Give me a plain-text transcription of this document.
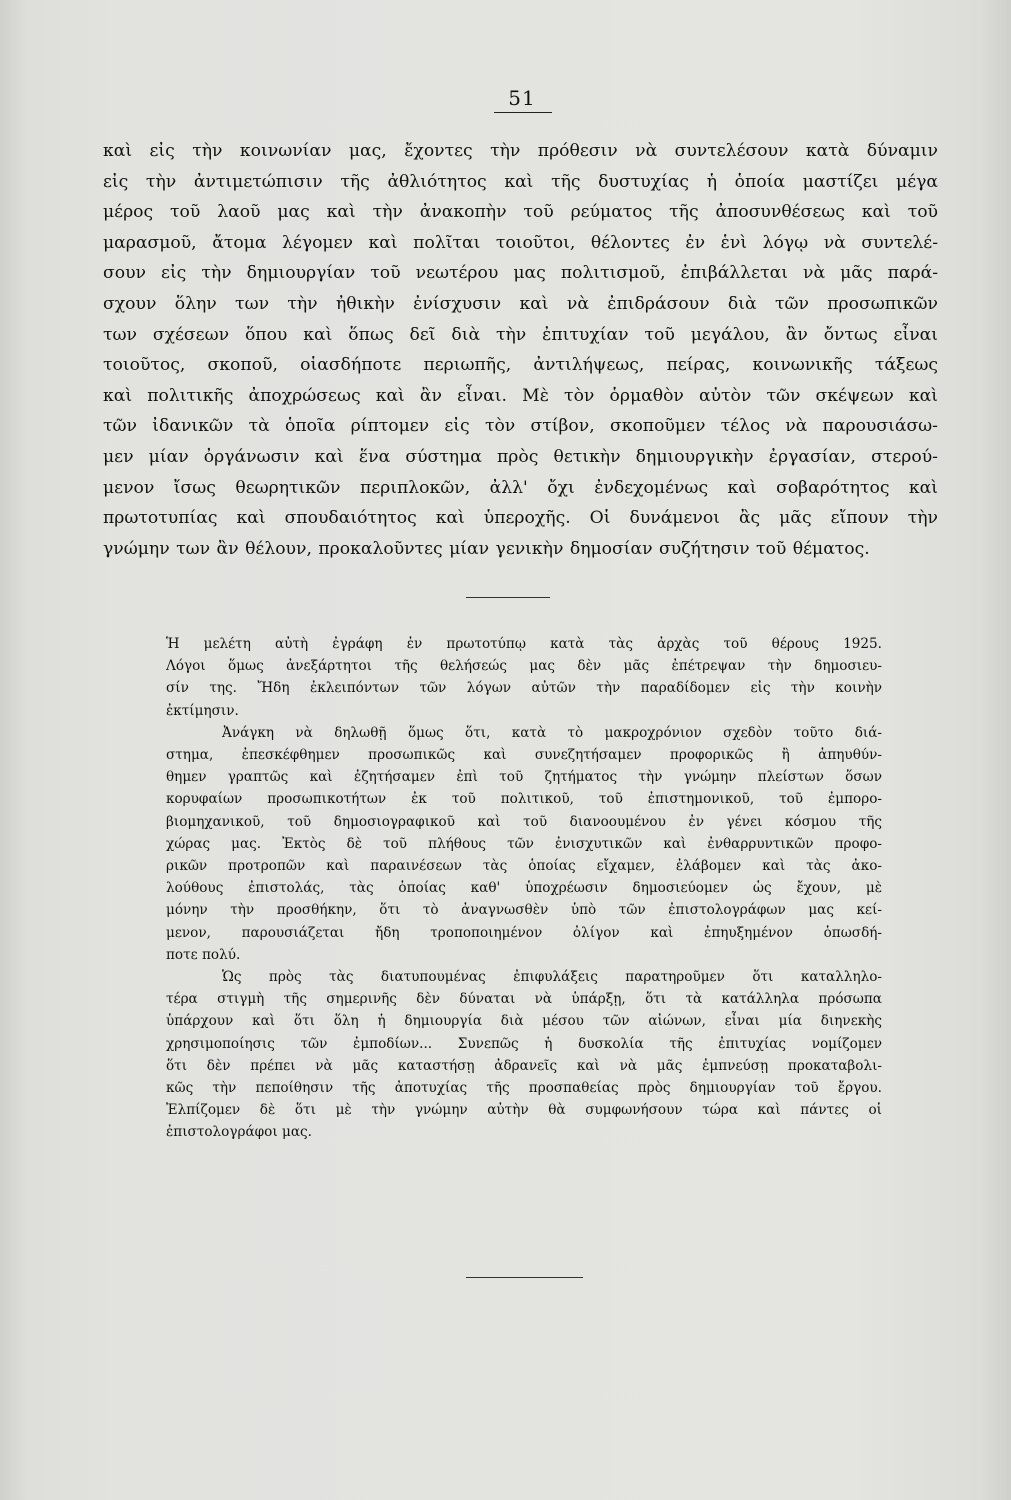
51
καὶ εἰς τὴν κοινωνίαν μας, ἔχοντες τὴν πρόθεσιν νὰ συντελέσουν κατὰ δύναμιν
εἰς τὴν ἀντιμετώπισιν τῆς ἀθλιότητος καὶ τῆς δυστυχίας ἡ ὁποία μαστίζει μέγα
μέρος τοῦ λαοῦ μας καὶ τὴν ἀνακοπὴν τοῦ ρεύματος τῆς ἀποσυνθέσεως καὶ τοῦ
μαρασμοῦ, ἄτομα λέγομεν καὶ πολῖται τοιοῦτοι, θέλοντες ἐν ἑνὶ λόγῳ νὰ συντελέ-
σουν εἰς τὴν δημιουργίαν τοῦ νεωτέρου μας πολιτισμοῦ, ἐπιβάλλεται νὰ μᾶς παρά-
σχουν ὅλην των τὴν ἠθικὴν ἐνίσχυσιν καὶ νὰ ἐπιδράσουν διὰ τῶν προσωπικῶν
των σχέσεων ὅπου καὶ ὅπως δεῖ διὰ τὴν ἐπιτυχίαν τοῦ μεγάλου, ἂν ὄντως εἶναι
τοιοῦτος, σκοποῦ, οἱασδήποτε περιωπῆς, ἀντιλήψεως, πείρας, κοινωνικῆς τάξεως
καὶ πολιτικῆς ἀποχρώσεως καὶ ἂν εἶναι. Μὲ τὸν ὁρμαθὸν αὐτὸν τῶν σκέψεων καὶ
τῶν ἰδανικῶν τὰ ὁποῖα ρίπτομεν εἰς τὸν στίβον, σκοποῦμεν τέλος νὰ παρουσιάσω-
μεν μίαν ὀργάνωσιν καὶ ἕνα σύστημα πρὸς θετικὴν δημιουργικὴν ἐργασίαν, στερού-
μενον ἴσως θεωρητικῶν περιπλοκῶν, ἀλλ' ὄχι ἐνδεχομένως καὶ σοβαρότητος καὶ
πρωτοτυπίας καὶ σπουδαιότητος καὶ ὑπεροχῆς. Οἱ δυνάμενοι ἂς μᾶς εἴπουν τὴν
γνώμην των ἂν θέλουν, προκαλοῦντες μίαν γενικὴν δημοσίαν συζήτησιν τοῦ θέματος.
Ἡ μελέτη αὐτὴ ἐγράφη ἐν πρωτοτύπῳ κατὰ τὰς ἀρχὰς τοῦ θέρους 1925.
Λόγοι ὅμως ἀνεξάρτητοι τῆς θελήσεώς μας δὲν μᾶς ἐπέτρεψαν τὴν δημοσιευ-
σίν της. Ἤδη ἐκλειπόντων τῶν λόγων αὐτῶν τὴν παραδίδομεν εἰς τὴν κοινὴν
ἐκτίμησιν.
Ἀνάγκη νὰ δηλωθῇ ὅμως ὅτι, κατὰ τὸ μακροχρόνιον σχεδὸν τοῦτο διά-
στημα, ἐπεσκέφθημεν προσωπικῶς καὶ συνεζητήσαμεν προφορικῶς ἢ ἀπηυθύν-
θημεν γραπτῶς καὶ ἐζητήσαμεν ἐπὶ τοῦ ζητήματος τὴν γνώμην πλείστων ὅσων
κορυφαίων προσωπικοτήτων ἐκ τοῦ πολιτικοῦ, τοῦ ἐπιστημονικοῦ, τοῦ ἐμπορο-
βιομηχανικοῦ, τοῦ δημοσιογραφικοῦ καὶ τοῦ διανοουμένου ἐν γένει κόσμου τῆς
χώρας μας. Ἐκτὸς δὲ τοῦ πλήθους τῶν ἐνισχυτικῶν καὶ ἐνθαρρυντικῶν προφο-
ρικῶν προτροπῶν καὶ παραινέσεων τὰς ὁποίας εἴχαμεν, ἐλάβομεν καὶ τὰς ἀκο-
λούθους ἐπιστολάς, τὰς ὁποίας καθ' ὑποχρέωσιν δημοσιεύομεν ὡς ἔχουν, μὲ
μόνην τὴν προσθήκην, ὅτι τὸ ἀναγνωσθὲν ὑπὸ τῶν ἐπιστολογράφων μας κεί-
μενον, παρουσιάζεται ἤδη τροποποιημένον ὀλίγον καὶ ἐπηυξημένον ὁπωσδή-
ποτε πολύ.
Ὡς πρὸς τὰς διατυπουμένας ἐπιφυλάξεις παρατηροῦμεν ὅτι καταλληλο-
τέρα στιγμὴ τῆς σημερινῆς δὲν δύναται νὰ ὑπάρξῃ, ὅτι τὰ κατάλληλα πρόσωπα
ὑπάρχουν καὶ ὅτι ὅλη ἡ δημιουργία διὰ μέσου τῶν αἰώνων, εἶναι μία διηνεκὴς
χρησιμοποίησις τῶν ἐμποδίων... Συνεπῶς ἡ δυσκολία τῆς ἐπιτυχίας νομίζομεν
ὅτι δὲν πρέπει νὰ μᾶς καταστήσῃ ἀδρανεῖς καὶ νὰ μᾶς ἐμπνεύσῃ προκαταβολι-
κῶς τὴν πεποίθησιν τῆς ἀποτυχίας τῆς προσπαθείας πρὸς δημιουργίαν τοῦ ἔργου.
Ἐλπίζομεν δὲ ὅτι μὲ τὴν γνώμην αὐτὴν θὰ συμφωνήσουν τώρα καὶ πάντες οἱ
ἐπιστολογράφοι μας.
